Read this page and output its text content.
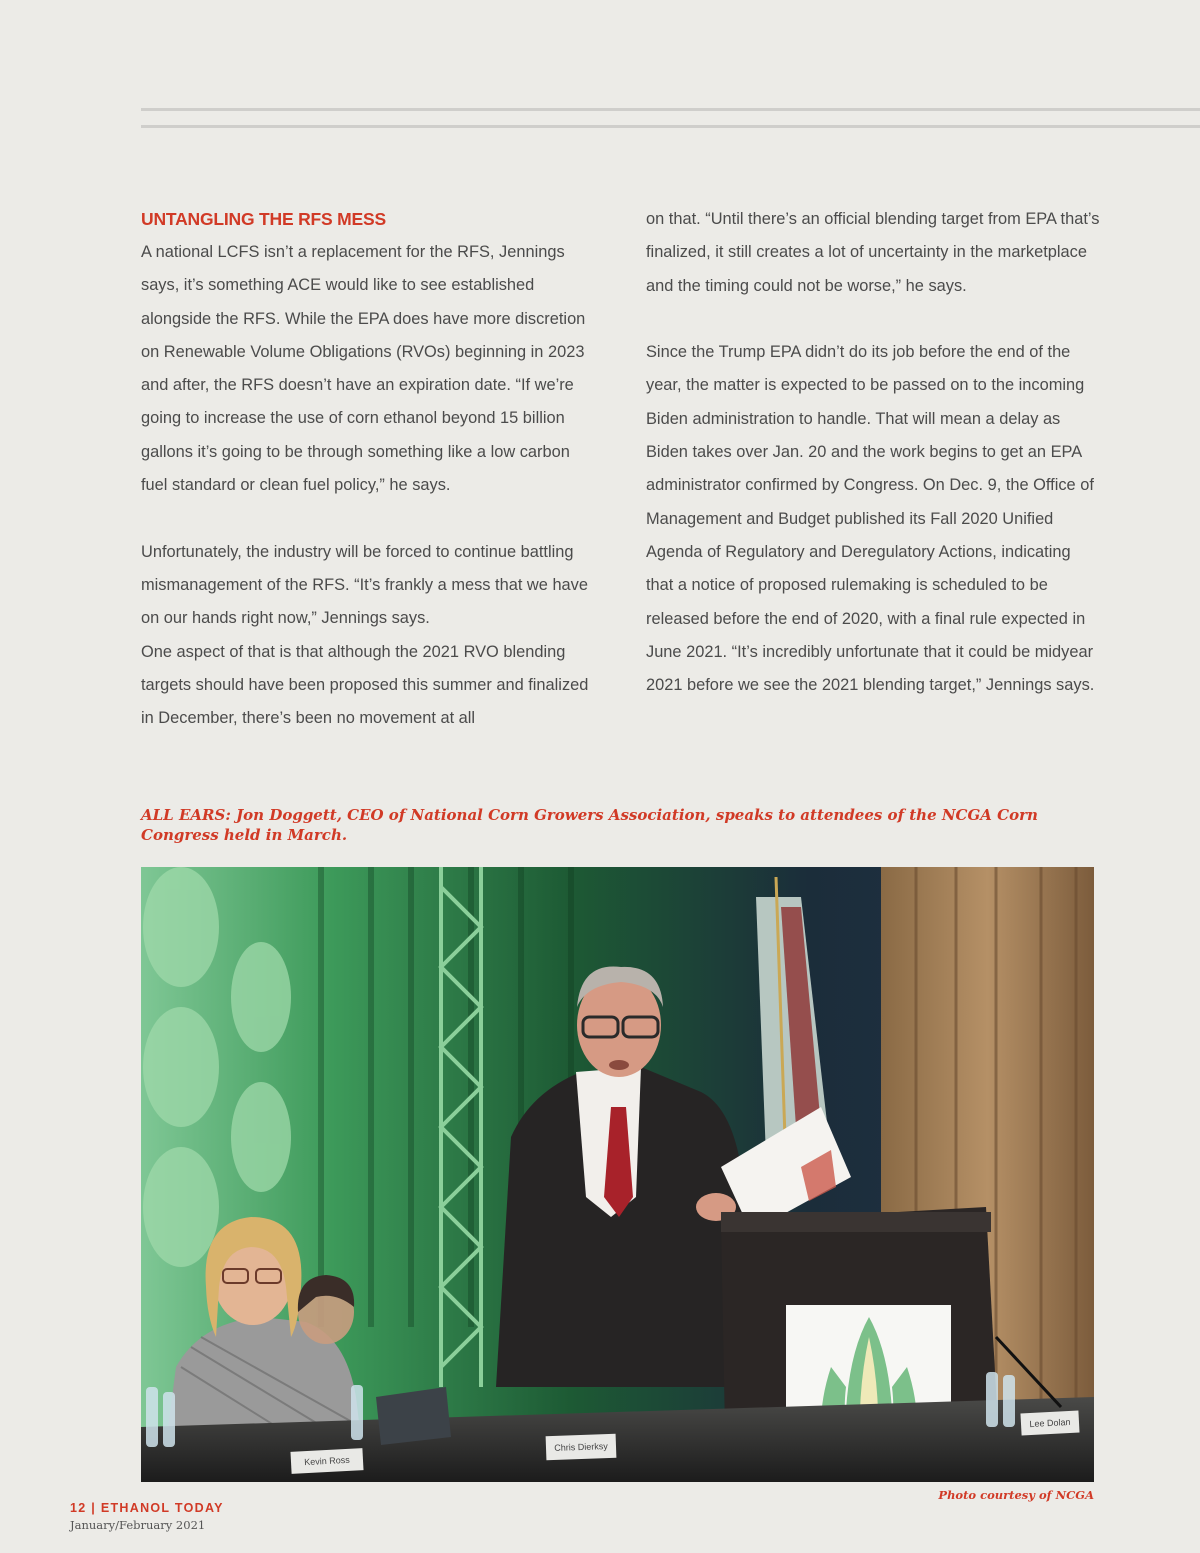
UNTANGLING THE RFS MESS

A national LCFS isn’t a replacement for the RFS, Jennings says, it’s something ACE would like to see established alongside the RFS. While the EPA does have more discretion on Renewable Volume Obligations (RVOs) beginning in 2023 and after, the RFS doesn’t have an expiration date. “If we’re going to increase the use of corn ethanol beyond 15 billion gallons it’s going to be through something like a low carbon fuel standard or clean fuel policy,” he says.

Unfortunately, the industry will be forced to continue battling mismanagement of the RFS. “It’s frankly a mess that we have on our hands right now,” Jennings says.

One aspect of that is that although the 2021 RVO blending targets should have been proposed this summer and finalized in December, there’s been no movement at all

on that. “Until there’s an official blending target from EPA that’s finalized, it still creates a lot of uncertainty in the marketplace and the timing could not be worse,” he says.

Since the Trump EPA didn’t do its job before the end of the year, the matter is expected to be passed on to the incoming Biden administration to handle. That will mean a delay as Biden takes over Jan. 20 and the work begins to get an EPA administrator confirmed by Congress. On Dec. 9, the Office of Management and Budget published its Fall 2020 Unified Agenda of Regulatory and Deregulatory Actions, indicating that a notice of proposed rulemaking is scheduled to be released before the end of 2020, with a final rule expected in June 2021. “It’s incredibly unfortunate that it could be midyear 2021 before we see the 2021 blending target,” Jennings says.

ALL EARS: Jon Doggett, CEO of National Corn Growers Association, speaks to attendees of the NCGA Corn Congress held in March.

Kevin Ross
Chris Dierksy
Lee Dolan
Photo courtesy of NCGA
12 | ETHANOL TODAY
January/February 2021
